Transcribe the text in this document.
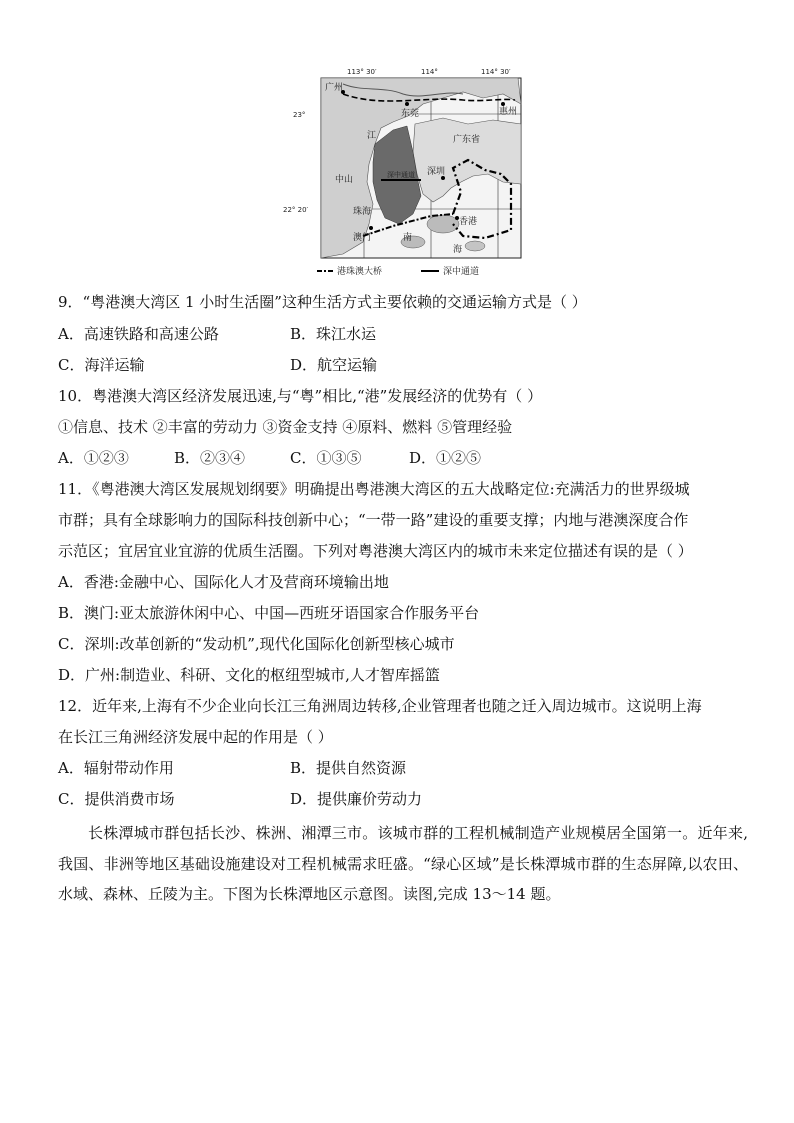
113° 30′	114°	114° 30′
23°
22° 20′
深中通道
广州
东莞	惠州
广东省
江
中山
深圳
珠海
澳门
香港
南
海
港珠澳大桥	深中通道
9．“粤港澳大湾区 1 小时生活圈”这种生活方式主要依赖的交通运输方式是（ ）
A．高速铁路和高速公路	B．珠江水运
C．海洋运输	D．航空运输
10．粤港澳大湾区经济发展迅速,与“粤”相比,“港”发展经济的优势有（ ）
①信息、技术 ②丰富的劳动力 ③资金支持 ④原料、燃料 ⑤管理经验
A．①②③	B．②③④	C．①③⑤	D．①②⑤
11．《粤港澳大湾区发展规划纲要》明确提出粤港澳大湾区的五大战略定位:充满活力的世界级城
市群；具有全球影响力的国际科技创新中心；“一带一路”建设的重要支撑；内地与港澳深度合作
示范区；宜居宜业宜游的优质生活圈。下列对粤港澳大湾区内的城市未来定位描述有误的是（ ）
A．香港:金融中心、国际化人才及营商环境输出地
B．澳门:亚太旅游休闲中心、中国—西班牙语国家合作服务平台
C．深圳:改革创新的“发动机”,现代化国际化创新型核心城市
D．广州:制造业、科研、文化的枢纽型城市,人才智库摇篮
12．近年来,上海有不少企业向长江三角洲周边转移,企业管理者也随之迁入周边城市。这说明上海
在长江三角洲经济发展中起的作用是（ ）
A．辐射带动作用	B．提供自然资源
C．提供消费市场	D．提供廉价劳动力
长株潭城市群包括长沙、株洲、湘潭三市。该城市群的工程机械制造产业规模居全国第一。近年来,我国、非洲等地区基础设施建设对工程机械需求旺盛。“绿心区域”是长株潭城市群的生态屏障,以农田、水域、森林、丘陵为主。下图为长株潭地区示意图。读图,完成 13～14 题。
